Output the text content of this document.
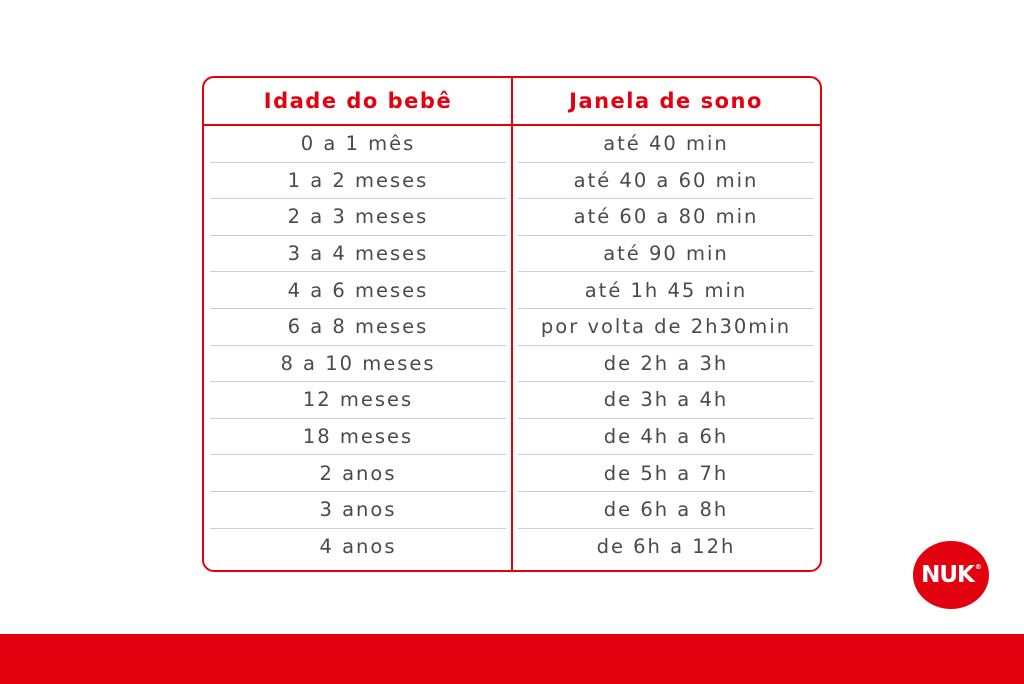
Idade do bebê	Janela de sono
0 a 1 mês	até 40 min
1 a 2 meses	até 40 a 60 min
2 a 3 meses	até 60 a 80 min
3 a 4 meses	até 90 min
4 a 6 meses	até 1h 45 min
6 a 8 meses	por volta de 2h30min
8 a 10 meses	de 2h a 3h
12 meses	de 3h a 4h
18 meses	de 4h a 6h
2 anos	de 5h a 7h
3 anos	de 6h a 8h
4 anos	de 6h a 12h
NUK ®
